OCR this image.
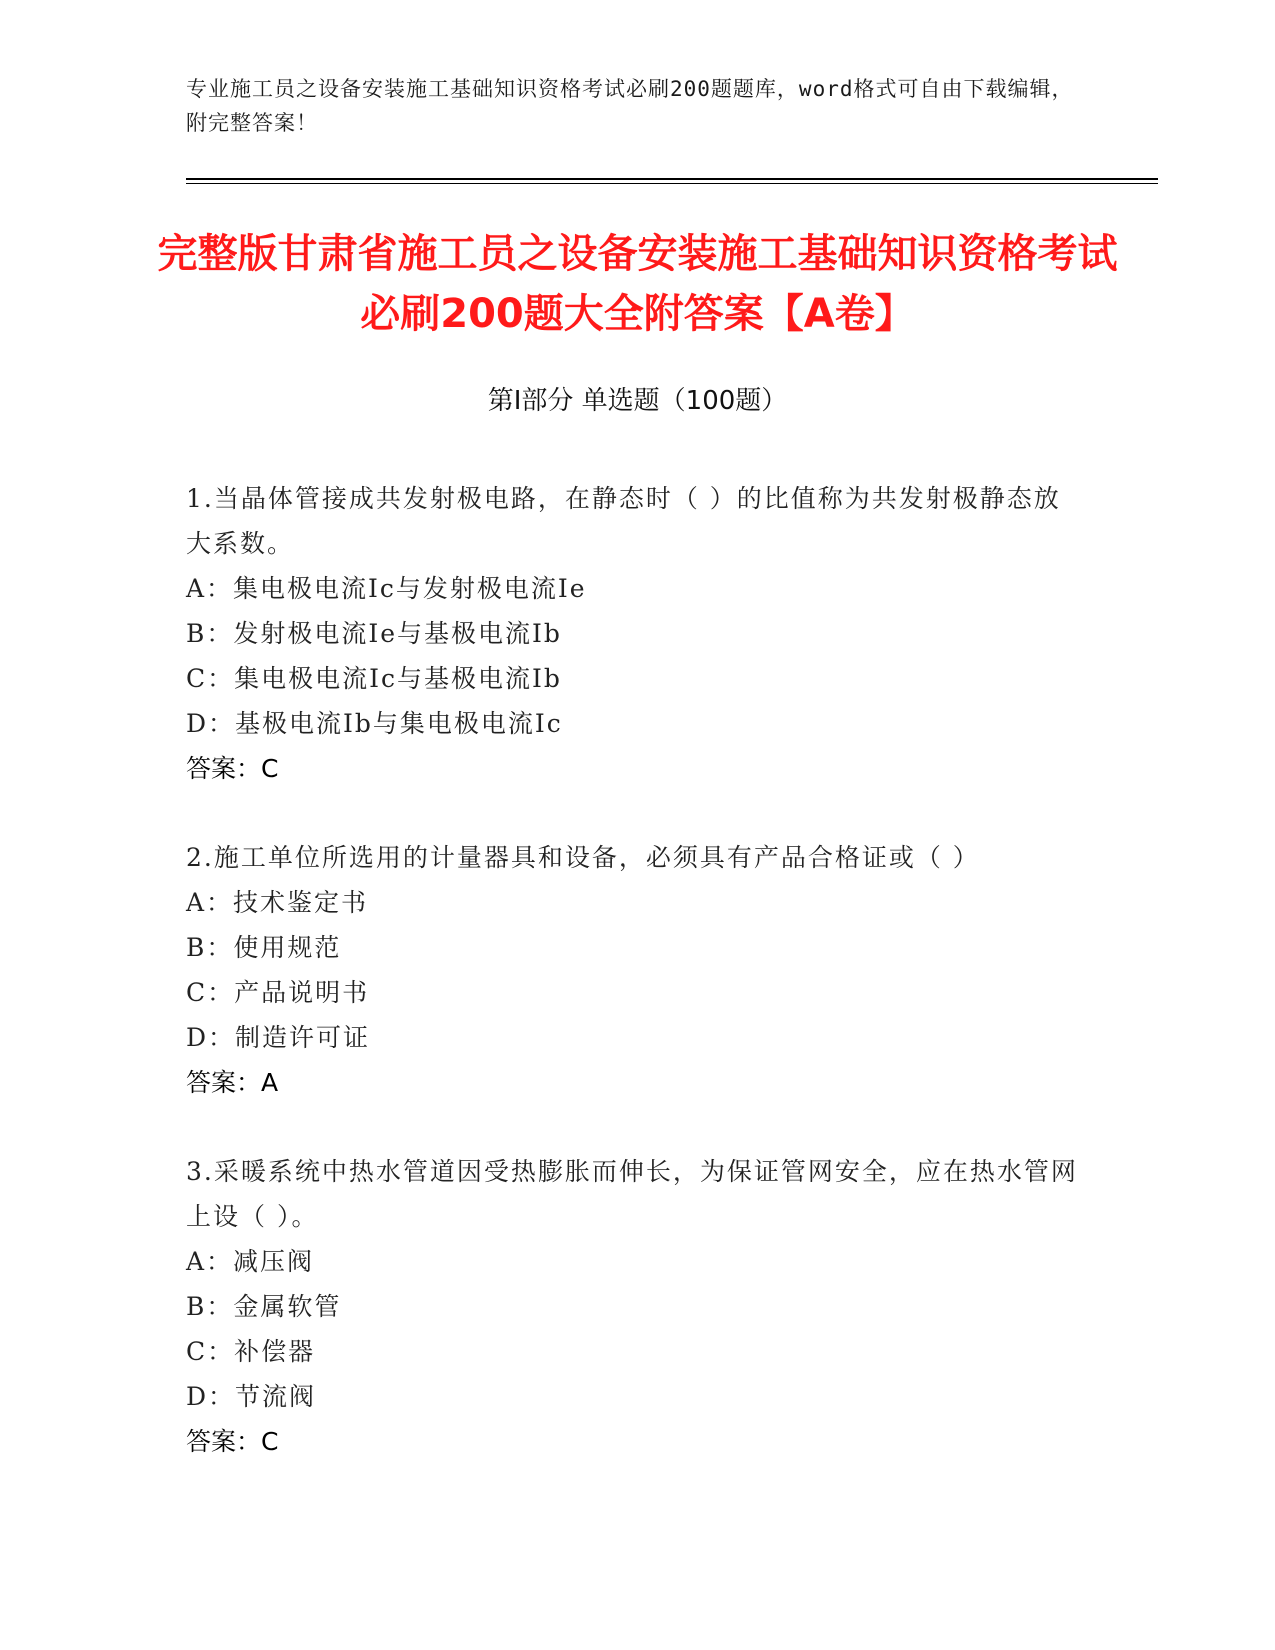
专业施工员之设备安装施工基础知识资格考试必刷200题题库，word格式可自由下载编辑，附完整答案！
完整版甘肃省施工员之设备安装施工基础知识资格考试必刷200题大全附答案【A卷】
第I部分 单选题（100题）
1.当晶体管接成共发射极电路，在静态时（ ）的比值称为共发射极静态放大系数。
A：集电极电流Ic与发射极电流Ie
B：发射极电流Ie与基极电流Ib
C：集电极电流Ic与基极电流Ib
D：基极电流Ib与集电极电流Ic
答案：C
2.施工单位所选用的计量器具和设备，必须具有产品合格证或（ ）
A：技术鉴定书
B：使用规范
C：产品说明书
D：制造许可证
答案：A
3.采暖系统中热水管道因受热膨胀而伸长，为保证管网安全，应在热水管网上设（ ）。
A：减压阀
B：金属软管
C：补偿器
D：节流阀
答案：C
